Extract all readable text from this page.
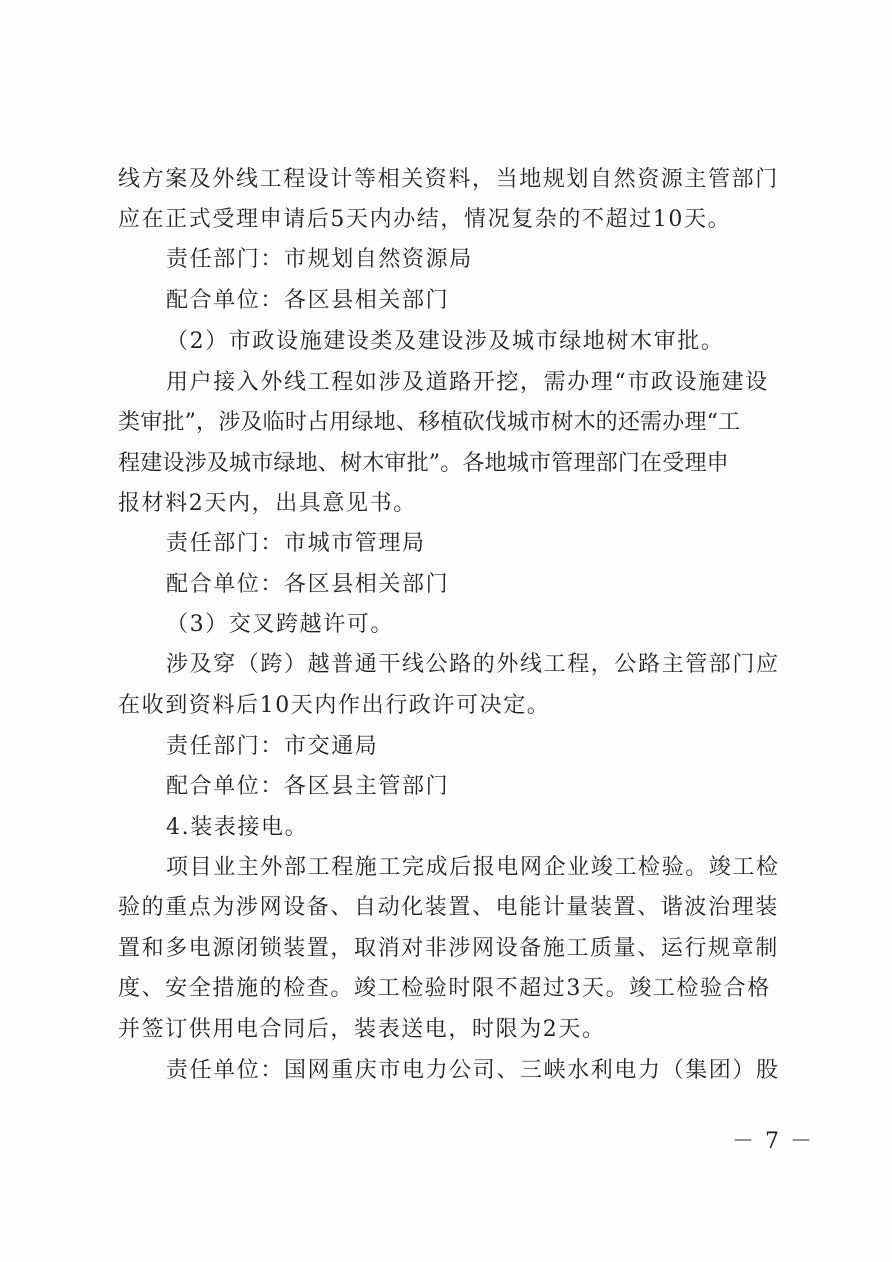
线方案及外线工程设计等相关资料，当地规划自然资源主管部门
应在正式受理申请后5天内办结，情况复杂的不超过10天。
责任部门：市规划自然资源局
配合单位：各区县相关部门
（2）市政设施建设类及建设涉及城市绿地树木审批。
用户接入外线工程如涉及道路开挖，需办理“市政设施建设
类审批”，涉及临时占用绿地、移植砍伐城市树木的还需办理“工
程建设涉及城市绿地、树木审批”。各地城市管理部门在受理申
报材料2天内，出具意见书。
责任部门：市城市管理局
配合单位：各区县相关部门
（3）交叉跨越许可。
涉及穿（跨）越普通干线公路的外线工程，公路主管部门应
在收到资料后10天内作出行政许可决定。
责任部门：市交通局
配合单位：各区县主管部门
4.装表接电。
项目业主外部工程施工完成后报电网企业竣工检验。竣工检
验的重点为涉网设备、自动化装置、电能计量装置、谐波治理装
置和多电源闭锁装置，取消对非涉网设备施工质量、运行规章制
度、安全措施的检查。竣工检验时限不超过3天。竣工检验合格
并签订供用电合同后，装表送电，时限为2天。
责任单位：国网重庆市电力公司、三峡水利电力（集团）股
－ 7 －
